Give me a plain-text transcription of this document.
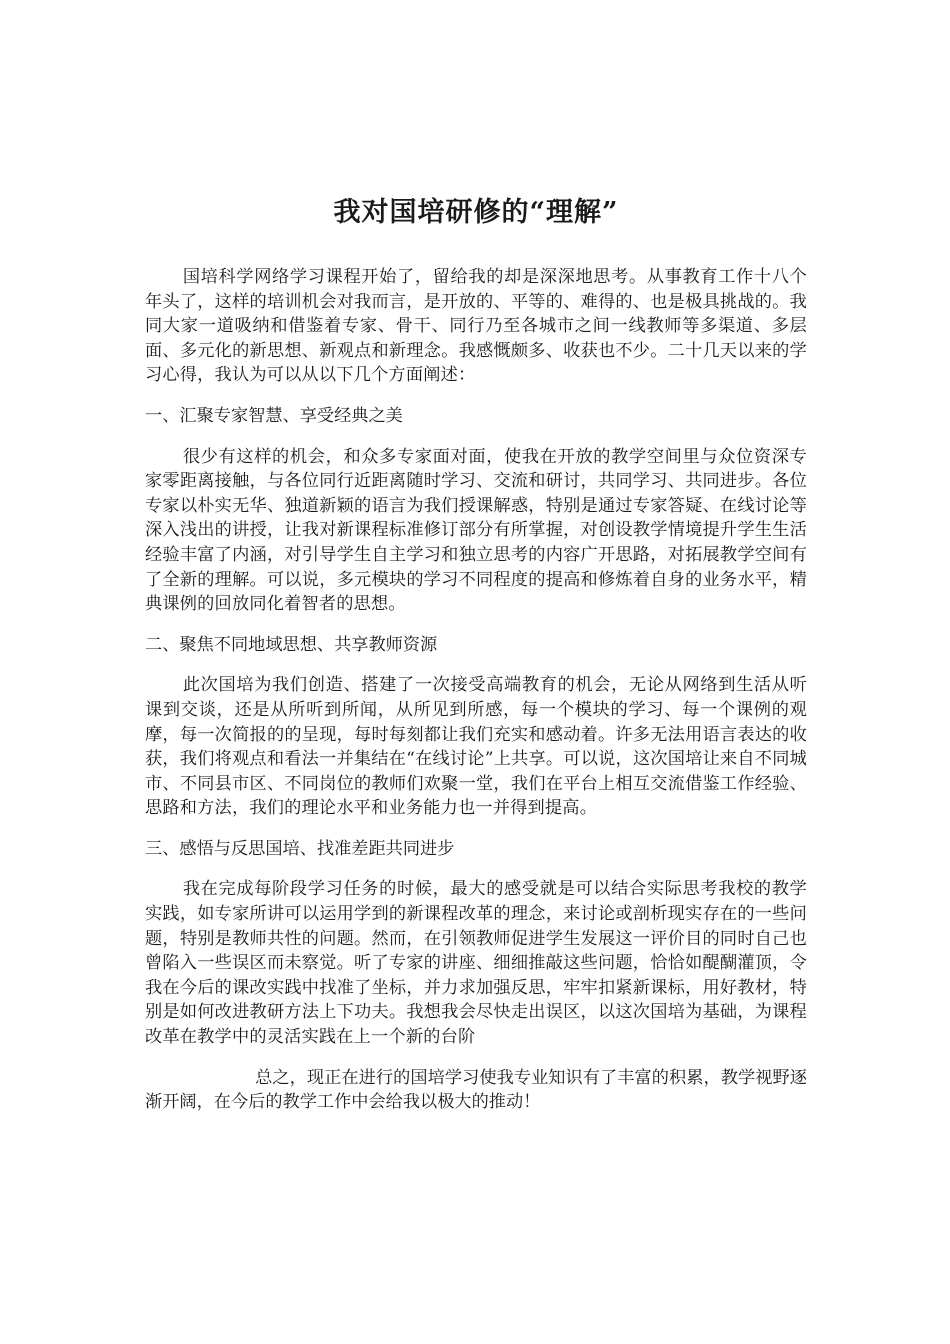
我对国培研修的“理解”

国培科学网络学习课程开始了，留给我的却是深深地思考。从事教育工作十八个年头了，这样的培训机会对我而言，是开放的、平等的、难得的、也是极具挑战的。我同大家一道吸纳和借鉴着专家、骨干、同行乃至各城市之间一线教师等多渠道、多层面、多元化的新思想、新观点和新理念。我感慨颇多、收获也不少。二十几天以来的学习心得，我认为可以从以下几个方面阐述：

一、汇聚专家智慧、享受经典之美

很少有这样的机会，和众多专家面对面，使我在开放的教学空间里与众位资深专家零距离接触，与各位同行近距离随时学习、交流和研讨，共同学习、共同进步。各位专家以朴实无华、独道新颖的语言为我们授课解惑，特别是通过专家答疑、在线讨论等深入浅出的讲授，让我对新课程标准修订部分有所掌握，对创设教学情境提升学生生活经验丰富了内涵，对引导学生自主学习和独立思考的内容广开思路，对拓展教学空间有了全新的理解。可以说，多元模块的学习不同程度的提高和修炼着自身的业务水平，精典课例的回放同化着智者的思想。

二、聚焦不同地域思想、共享教师资源

此次国培为我们创造、搭建了一次接受高端教育的机会，无论从网络到生活从听课到交谈，还是从所听到所闻，从所见到所感，每一个模块的学习、每一个课例的观摩，每一次简报的的呈现，每时每刻都让我们充实和感动着。许多无法用语言表达的收获，我们将观点和看法一并集结在“在线讨论”上共享。可以说，这次国培让来自不同城市、不同县市区、不同岗位的教师们欢聚一堂，我们在平台上相互交流借鉴工作经验、思路和方法，我们的理论水平和业务能力也一并得到提高。

三、感悟与反思国培、找准差距共同进步

我在完成每阶段学习任务的时候，最大的感受就是可以结合实际思考我校的教学实践，如专家所讲可以运用学到的新课程改革的理念，来讨论或剖析现实存在的一些问题，特别是教师共性的问题。然而，在引领教师促进学生发展这一评价目的同时自己也曾陷入一些误区而未察觉。听了专家的讲座、细细推敲这些问题，恰恰如醍醐灌顶，令我在今后的课改实践中找准了坐标，并力求加强反思，牢牢扣紧新课标，用好教材，特别是如何改进教研方法上下功夫。我想我会尽快走出误区，以这次国培为基础，为课程改革在教学中的灵活实践在上一个新的台阶

总之，现正在进行的国培学习使我专业知识有了丰富的积累，教学视野逐渐开阔，在今后的教学工作中会给我以极大的推动！
